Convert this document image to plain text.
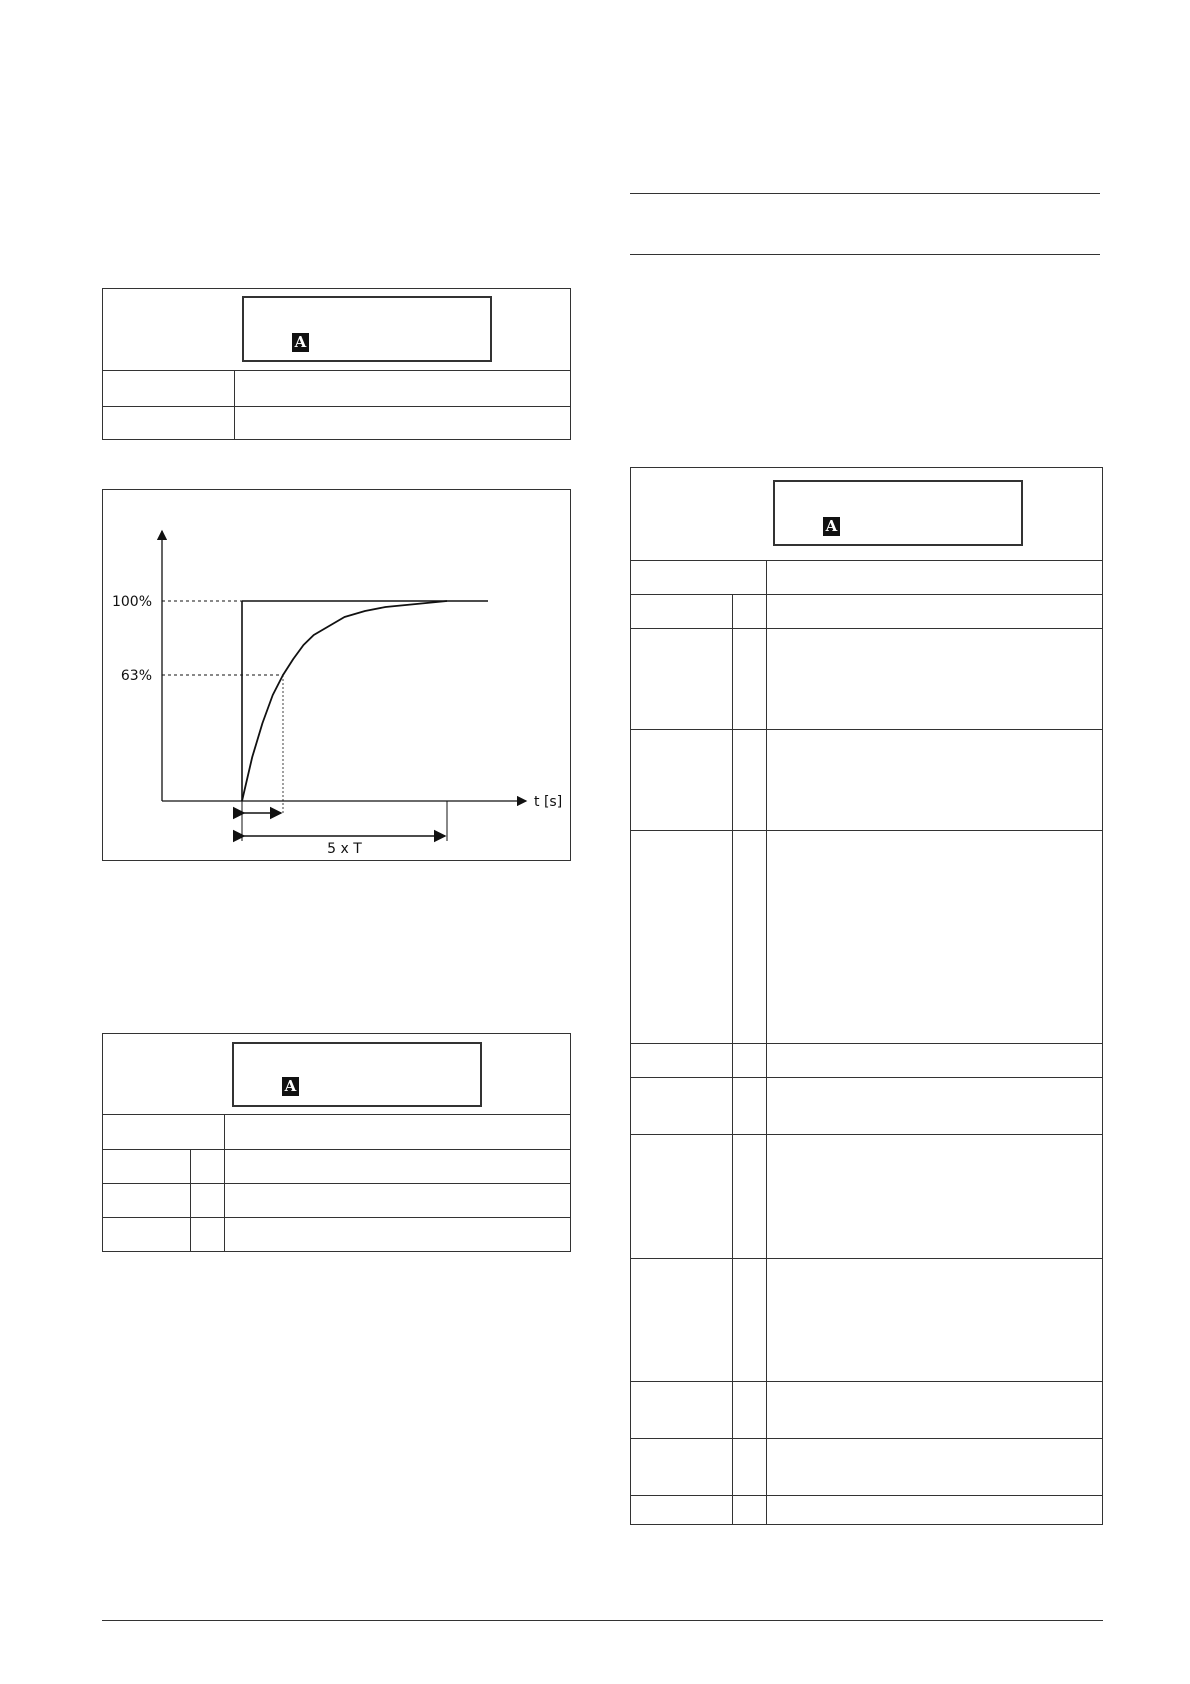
A
100%
63%
t [s]
5 x T
A
A
